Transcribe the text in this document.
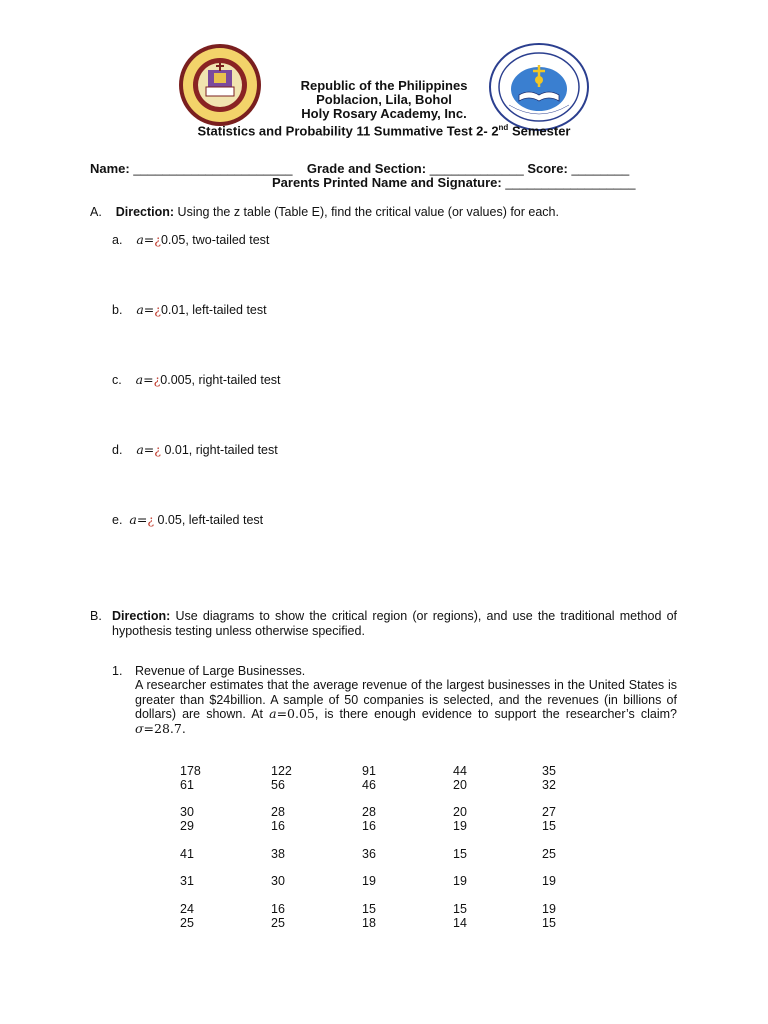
Republic of the Philippines
Poblacion, Lila, Bohol
Holy Rosary Academy, Inc.
Statistics and Probability 11 Summative Test 2- 2nd Semester
Name: ______________________ Grade and Section: _____________ Score: ________
Parents Printed Name and Signature: __________________
A. Direction: Using the z table (Table E), find the critical value (or values) for each.
a. a=¿0.05, two-tailed test
b. a=¿0.01, left-tailed test
c. a=¿0.005, right-tailed test
d. a=¿ 0.01, right-tailed test
e. a=¿ 0.05, left-tailed test
B. Direction: Use diagrams to show the critical region (or regions), and use the traditional method of hypothesis testing unless otherwise specified.
1. Revenue of Large Businesses.
A researcher estimates that the average revenue of the largest businesses in the United States is greater than $24billion. A sample of 50 companies is selected, and the revenues (in billions of dollars) are shown. At a=0.05, is there enough evidence to support the researcher’s claim? σ=28.7.
178	122	91	44	35
61	56	46	20	32
30	28	28	20	27
29	16	16	19	15
41	38	36	15	25
31	30	19	19	19
24	16	15	15	19
25	25	18	14	15
